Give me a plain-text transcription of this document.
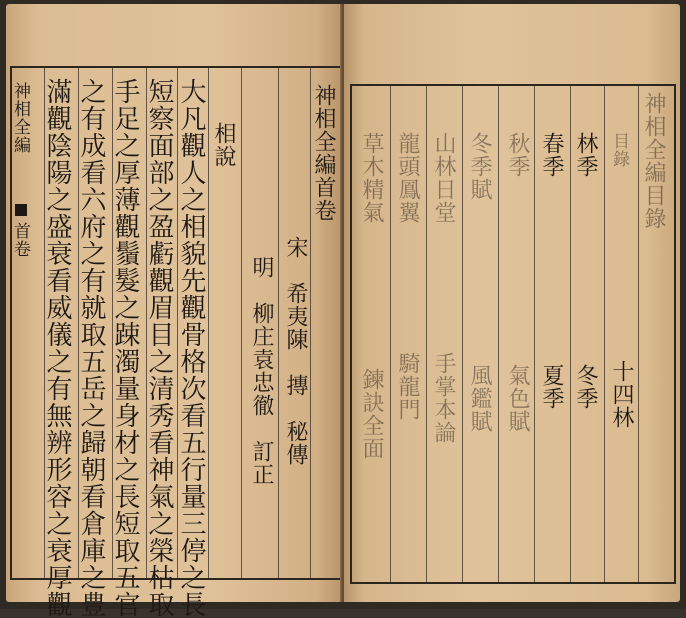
神相全編
首卷	大凡觀人之相貌先觀骨格次看五行量三停之長
短察面部之盈虧觀眉目之清秀看神氣之榮枯取
手足之厚薄觀鬚髮之踈濁量身材之長短取五官
之有成看六府之有就取五岳之歸朝看倉庫之豊
滿觀陰陽之盛衰看威儀之有無辨形容之衰厚觀	相說	神相全編首卷
宋　希夷陳　摶　秘傳
明　柳庄袁忠徹　訂正
神相全編目錄
目錄
林季
春季
秋季
冬季賦
山林日堂
龍頭鳳翼
草木精氣
十四林
冬季
夏季
氣色賦
風鑑賦
手掌本論
騎龍門
鍊訣全面
